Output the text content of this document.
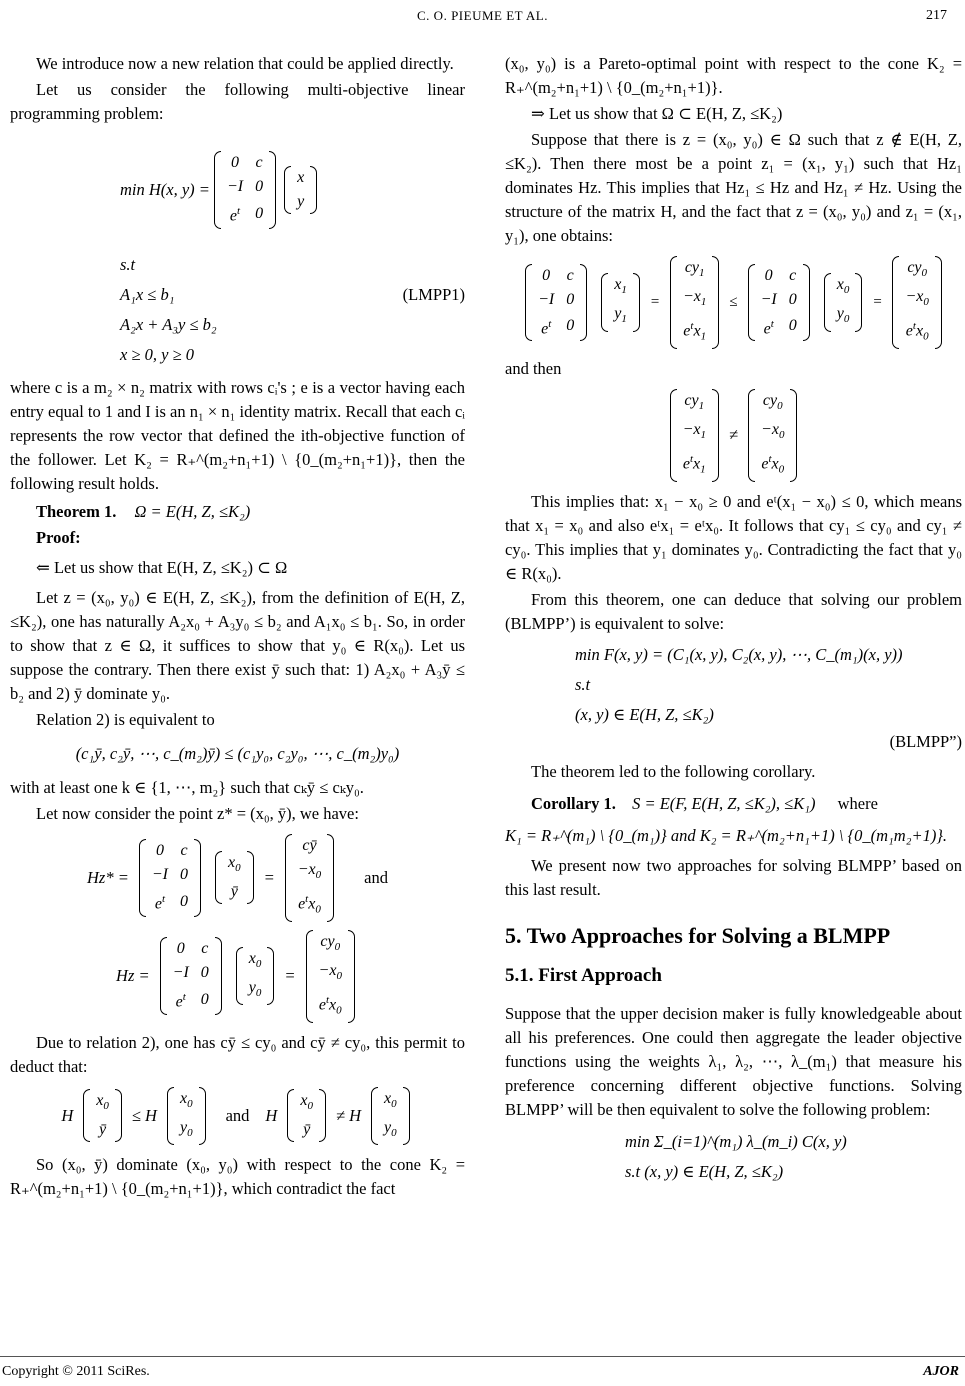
C. O. PIEUME ET AL.	217

We introduce now a new relation that could be applied directly.

Let us consider the following multi-objective linear programming problem:

min H(x, y) =
0	c
−I	0
$e^t$	0
x
y
s.t
A₁x ≤ b₁	(LMPP1)
A₂x + A₃y ≤ b₂
x ≥ 0, y ≥ 0

where c is a m₂ × n₂ matrix with rows cᵢ's ; e is a vector having each entry equal to 1 and I is an n₁ × n₁ identity matrix. Recall that each cᵢ represents the row vector that defined the ith-objective function of the follower. Let K₂ = R₊^(m₂+n₁+1) \ {0_(m₂+n₁+1)}, then the following result holds.

Theorem 1. Ω = E(H, Z, ≤K₂)

Proof:

⇐ Let us show that E(H, Z, ≤K₂) ⊂ Ω

Let z = (x₀, y₀) ∈ E(H, Z, ≤K₂), from the definition of E(H, Z, ≤K₂), one has naturally A₂x₀ + A₃y₀ ≤ b₂ and A₁x₀ ≤ b₁. So, in order to show that z ∈ Ω, it suffices to show that y₀ ∈ R(x₀). Let us suppose the contrary. Then there exist ȳ such that: 1) A₂x₀ + A₃ȳ ≤ b₂ and 2) ȳ dominate y₀.

Relation 2) is equivalent to

(c₁ȳ, c₂ȳ, ⋯, c_(m₂)ȳ) ≤ (c₁y₀, c₂y₀, ⋯, c_(m₂)y₀)

with at least one k ∈ {1, ⋯, m₂} such that cₖȳ ≤ cₖy₀.

Let now consider the point z* = (x₀, ȳ), we have:

Hz* =
0	c
−I	0
$e^t$	0
$x_0$
ȳ
=
cȳ
$-x_0$
$e^tx_0$
and
Hz =
0	c
−I	0
$e^t$	0
$x_0$
$y_0$
=
$cy_0$
$-x_0$
$e^tx_0$

Due to relation 2), one has cȳ ≤ cy₀ and cȳ ≠ cy₀, this permit to deduct that:

H
$x_0$
ȳ
≤ H
$x_0$
$y_0$
and H
$x_0$
ȳ
≠ H
$x_0$
$y_0$

So (x₀, ȳ) dominate (x₀, y₀) with respect to the cone K₂ = R₊^(m₂+n₁+1) \ {0_(m₂+n₁+1)}, which contradict the fact

(x₀, y₀) is a Pareto-optimal point with respect to the cone K₂ = R₊^(m₂+n₁+1) \ {0_(m₂+n₁+1)}.

⇒ Let us show that Ω ⊂ E(H, Z, ≤K₂)

Suppose that there is z = (x₀, y₀) ∈ Ω such that z ∉ E(H, Z, ≤K₂). Then there most be a point z₁ = (x₁, y₁) such that Hz₁ dominates Hz. This implies that Hz₁ ≤ Hz and Hz₁ ≠ Hz. Using the structure of the matrix H, and the fact that z = (x₀, y₀) and z₁ = (x₁, y₁), one obtains:

0	c
−I	0
$e^t$	0
$x_1$
$y_1$
=
$cy_1$
$-x_1$
$e^tx_1$
≤
0	c
−I	0
$e^t$	0
$x_0$
$y_0$
=
$cy_0$
$-x_0$
$e^tx_0$

and then

$cy_1$
$-x_1$
$e^tx_1$
≠
$cy_0$
$-x_0$
$e^tx_0$

This implies that: x₁ − x₀ ≥ 0 and eᵗ(x₁ − x₀) ≤ 0, which means that x₁ = x₀ and also eᵗx₁ = eᵗx₀. It follows that cy₁ ≤ cy₀ and cy₁ ≠ cy₀. This implies that y₁ dominates y₀. Contradicting the fact that y₀ ∈ R(x₀).

From this theorem, one can deduce that solving our problem (BLMPP’) is equivalent to solve:

min F(x, y) = (C₁(x, y), C₂(x, y), ⋯, C_(m₁)(x, y))
s.t
(x, y) ∈ E(H, Z, ≤K₂)
(BLMPP”)

The theorem led to the following corollary.

Corollary 1. S = E(F, E(H, Z, ≤K₂), ≤K₁) where

K₁ = R₊^(m₁) \ {0_(m₁)} and K₂ = R₊^(m₂+n₁+1) \ {0_(m₁m₂+1)}.

We present now two approaches for solving BLMPP’ based on this last result.

5. Two Approaches for Solving a BLMPP
5.1. First Approach

Suppose that the upper decision maker is fully knowledgeable about all his preferences. One could then aggregate the leader objective functions using the weights λ₁, λ₂, ⋯, λ_(m₁) that measure his preference concerning different objective functions. Solving BLMPP’ will be then equivalent to solve the following problem:

min Σ_(i=1)^(m₁) λ_(m_i) C(x, y)
s.t (x, y) ∈ E(H, Z, ≤K₂)
Copyright © 2011 SciRes.	AJOR
